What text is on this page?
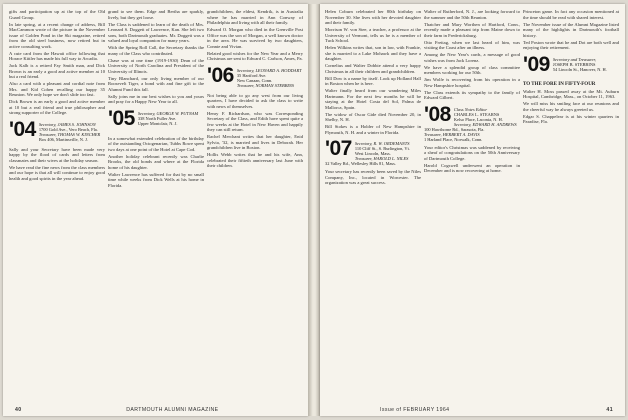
gifts and participation up at the top of the Old Guard Group.

In late spring, at a recent change of address, Bill MacCammon wrote of the picture in the November issue of Golden Pond in the Ski magazine, retired from the old steel business, now retired but in active consulting work.

A cute card from the Hawaii office following that Horace Kittler has made his full way to Arcadia.

Jack Kalb is a retired Fay Smith man, and Dick Brown is an early a good and active member at 10 but a real friend.

Also a card with a pleasant and cordial note from Mrs. and Kid Cohen recalling our happy 35 Reunion. We only hope we don't slide too fast.

Dick Brown is an early a good and active member at 10 but a real friend and true philosopher and strong supporter of the College.

'04 Secretary, JAMES S. JOHNSON
1700 Gold Ave., Vero Beach, Fla.
Treasurer, THOMAS W. KINCHER
Box 406, Martinsville, N. J.

Sally and your Secretary have been made very happy by the flood of cards and letters from classmates and their wives at the holiday season.

We have read the fine news from the class members and our hope is that all will continue to enjoy good health and good spirits in the year ahead.

grand to see them. Edge and Bertha are sparkly, lively, but they get loose.

The Class is saddened to learn of the death of Mrs. Leonard S. Doggett of Lawrence, Kan. She left two sons, both Dartmouth graduates. Mr. Doggett was a valued and loyal companion for many years.

With the Spring Roll Call, the Secretary thanks the many of the Class who contributed.

Chase was at one time (1919-1930) Dean of the University of North Carolina and President of the University of Illinois.

Tiny Blanchard, our only living member of our Roosevelt Tiger, a bond with and fine gift to the Alumni Fund this fall.

Sally joins me in our best wishes to you and yours and pray for a Happy New Year to all.

'05 Secretary, GEORGE W. PUTNAM
338 North Fuller Ave.
Upper Montclair, N. J.

In a somewhat extended celebration of the birthday of the outstanding Octogenarian, Tubbs Rowe spent two days at one point of the Hotel at Cape Cod.

Another holiday celebrant recently was Charlie Brooks, the old bonds and where at the Florida home of his daughter.

Walter Lawrence has suffered for that by no small time while weeks from Dick Wells at his home in Florida.

grandchildren, the eldest, Kendrik, is in Australia where he has married in Ann Conway of Philadelphia and living with all their family.

Edward O. Morgan who died in the Grenville Post Office was the son of Morgan, a well known doctor in the area. He was survived by two daughters, Connie and Vivian.

Belated good wishes for the New Year and a Merry Christmas are sent to Edward C. Carlson, Ames, Pa.

'06 Secretary, LEONARD A. HODDART
35 Hartford Ave.
New Canaan, Conn.
Treasurer, NORMAN STEBBINS

Not being able to go any west from our living quarters, I have decided to ask the class to write with news of themselves.

Henry F. Richardson, who was Corresponding Secretary of the Class, and Edith have spent quite a few weeks at the Hotel in New Haven and happily they can still return.

Rachel Merchant writes that her daughter, Enid Sylvia, '32, is married and lives in Deborah. Her grandchildren live in Boston.

Hollis Webb writes that he and his wife, Ann, celebrated their fiftieth anniversary last June with their children.

40	DARTMOUTH ALUMNI MAGAZINE

Helen Coburn celebrated her 80th birthday on November 30. She lives with her devoted daughter and their family.

Morrison W. von Stee, a teacher, a professor at the University of Vermont, tells us he is a member of Tuck School.

Helen Wilkins writes that, son in law, with Frankie, she is married to a Lake Mohawk and they have a daughter.

Cornelius and Walter Dobbie attend a very happy Christmas in all their children and grandchildren.

Bill Dow is a name by itself. Look up Holland Hall in Boston when he is here.

Walter finally heard from our wandering Miles Hartmann. For the next few months he will be staying at the Hotel Costa del Sol, Palma de Mallorca, Spain.

The widow of Oscar Gide died November 20, in Shelby, N. H.

Bill Stokes is a Holder of New Hampshire in Plymouth, N. H. and a winter in Florida.

'07 Secretary, R. W. ORDEMANTS
110 Cliff St., S. Burlington, Vt.
West Lincoln, Mass.
Treasurer, HAROLD L. NILES
32 Valley Rd., Wellesley Hills 81, Mass.

Your secretary has recently been saved by the Niles Company, Inc., located in Worcester. The organization was a great success.

Walter of Rutherford, N. J., are looking forward to the summer and the 50th Reunion.

Thatcher and Mary Worthen of Hartford, Conn., recently made a pleasant trip from Maine down to their farm in Fredericksburg.

Otto Freitag, when we last heard of him, was visiting the Coast after an illness.

Among the New Year's cards, a message of good wishes was from Jack Lorenz.

We have a splendid group of class committee members working for our 50th.

Jim Wolfe is recovering from his operation in a New Hampshire hospital.

The Class extends its sympathy to the family of Edward Gilbert.

'08 Class Notes Editor
CHARLES L. STEARNS
Kelso Place, Laconia, N. H.
Secretary, EDWARD H. ANDREWS
100 Hawthorne Rd., Sarasota, Fla.
Treasurer, HERBERT A. DAVIS
1 Harland Place, Norwalk, Conn.

Your editor's Christmas was saddened by receiving a sheaf of congratulations on the 50th Anniversary of Dartmouth College.

Harold Cogswell underwent an operation in December and is now recovering at home.

Princeton game. In fact any occasion mentioned at the time should be read with shared interest.

The November issue of the Alumni Magazine listed many of the highlights in Dartmouth's football history.

Ted Poston wrote that he and Dot are both well and enjoying their retirement.

'09 Secretary and Treasurer,
JOSEPH B. STEBBINS
54 Lincoln St., Hanover, N. H.
TO THE FORE IN FIFTY-FOUR

Walter H. Moss passed away at the Mt. Auburn Hospital, Cambridge, Mass., on October 11, 1963.

We will miss his smiling face at our reunions and the cheerful way he always greeted us.

Edgar S. Chappelear is at his winter quarters in Paradise, Fla.

Issue of FEBRUARY 1964	41
